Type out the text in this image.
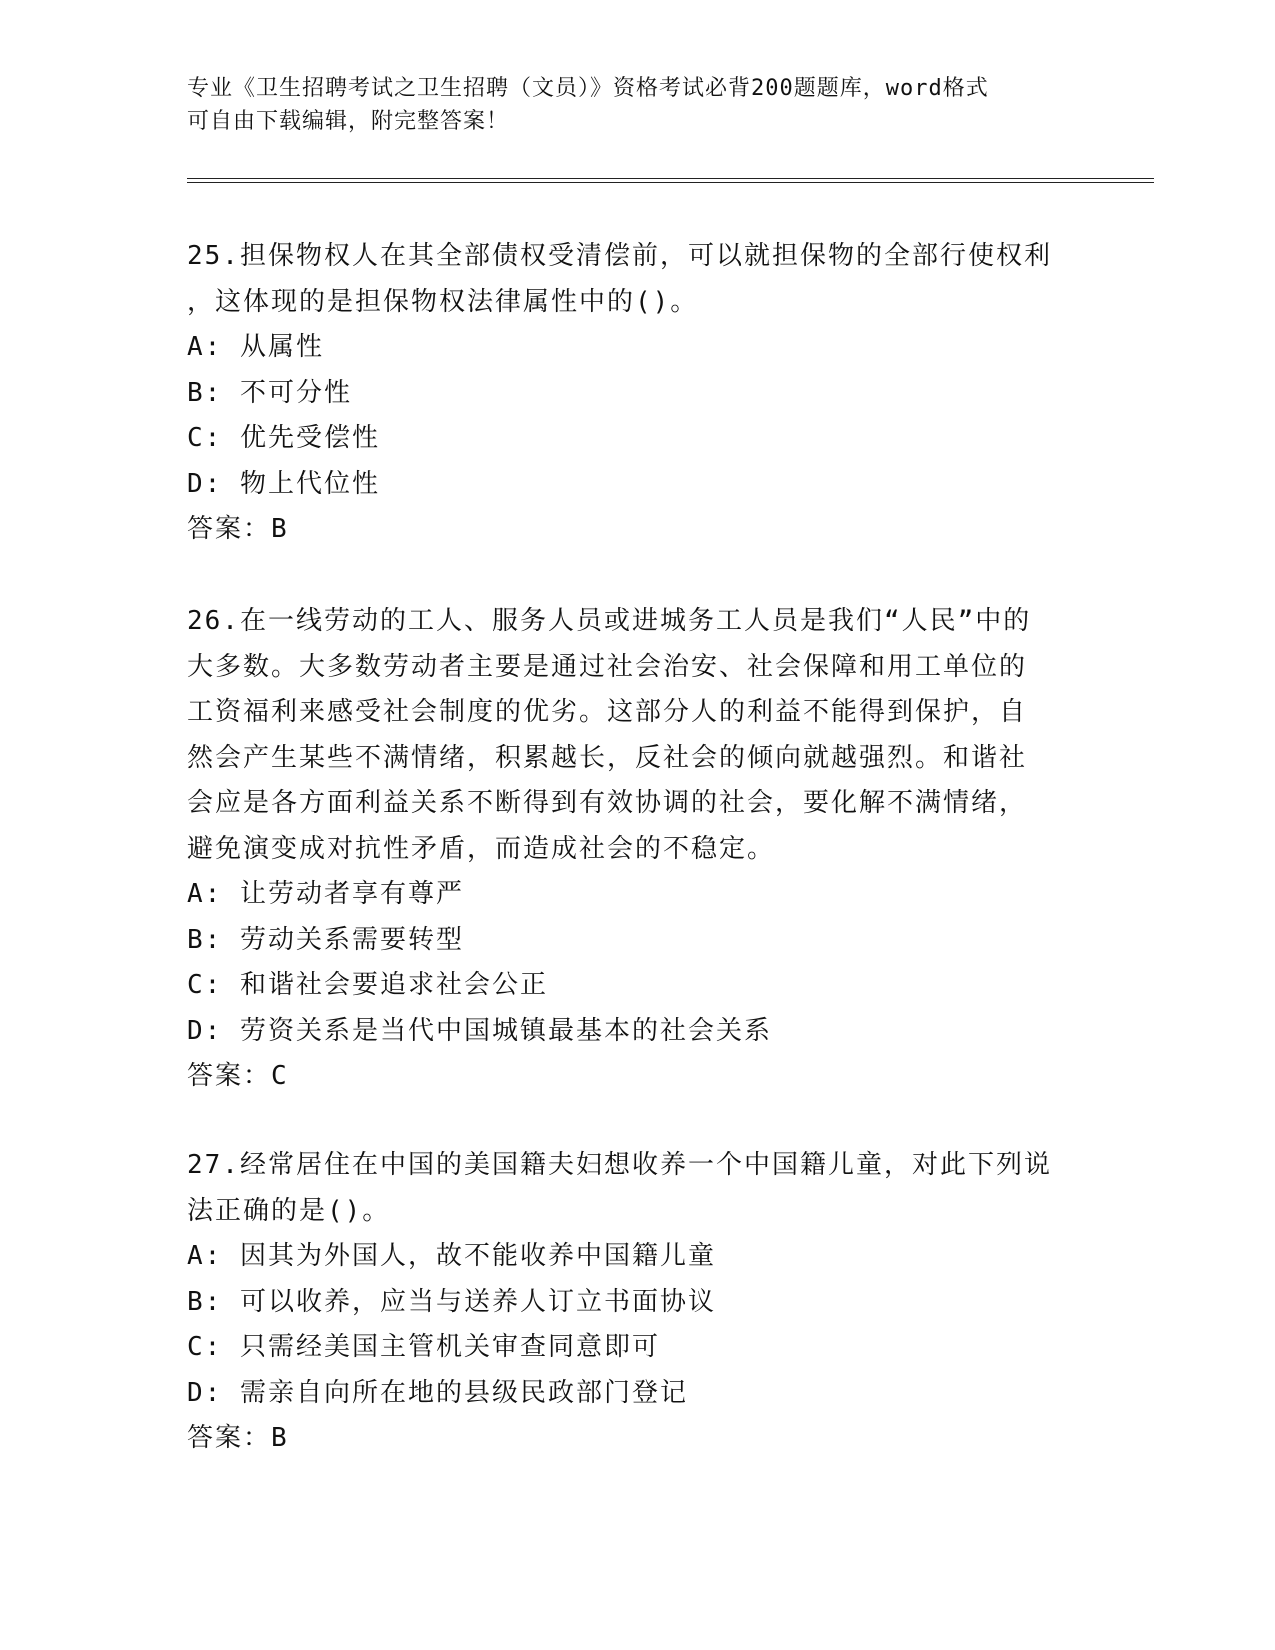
专业《卫生招聘考试之卫生招聘（文员）》资格考试必背200题题库，word格式
可自由下载编辑，附完整答案！
25.担保物权人在其全部债权受清偿前，可以就担保物的全部行使权利
，这体现的是担保物权法律属性中的()。
A: 从属性
B: 不可分性
C: 优先受偿性
D: 物上代位性
答案：B
26.在一线劳动的工人、服务人员或进城务工人员是我们“人民”中的
大多数。大多数劳动者主要是通过社会治安、社会保障和用工单位的
工资福利来感受社会制度的优劣。这部分人的利益不能得到保护，自
然会产生某些不满情绪，积累越长，反社会的倾向就越强烈。和谐社
会应是各方面利益关系不断得到有效协调的社会，要化解不满情绪，
避免演变成对抗性矛盾，而造成社会的不稳定。
A: 让劳动者享有尊严
B: 劳动关系需要转型
C: 和谐社会要追求社会公正
D: 劳资关系是当代中国城镇最基本的社会关系
答案：C
27.经常居住在中国的美国籍夫妇想收养一个中国籍儿童，对此下列说
法正确的是()。
A: 因其为外国人，故不能收养中国籍儿童
B: 可以收养，应当与送养人订立书面协议
C: 只需经美国主管机关审查同意即可
D: 需亲自向所在地的县级民政部门登记
答案：B
